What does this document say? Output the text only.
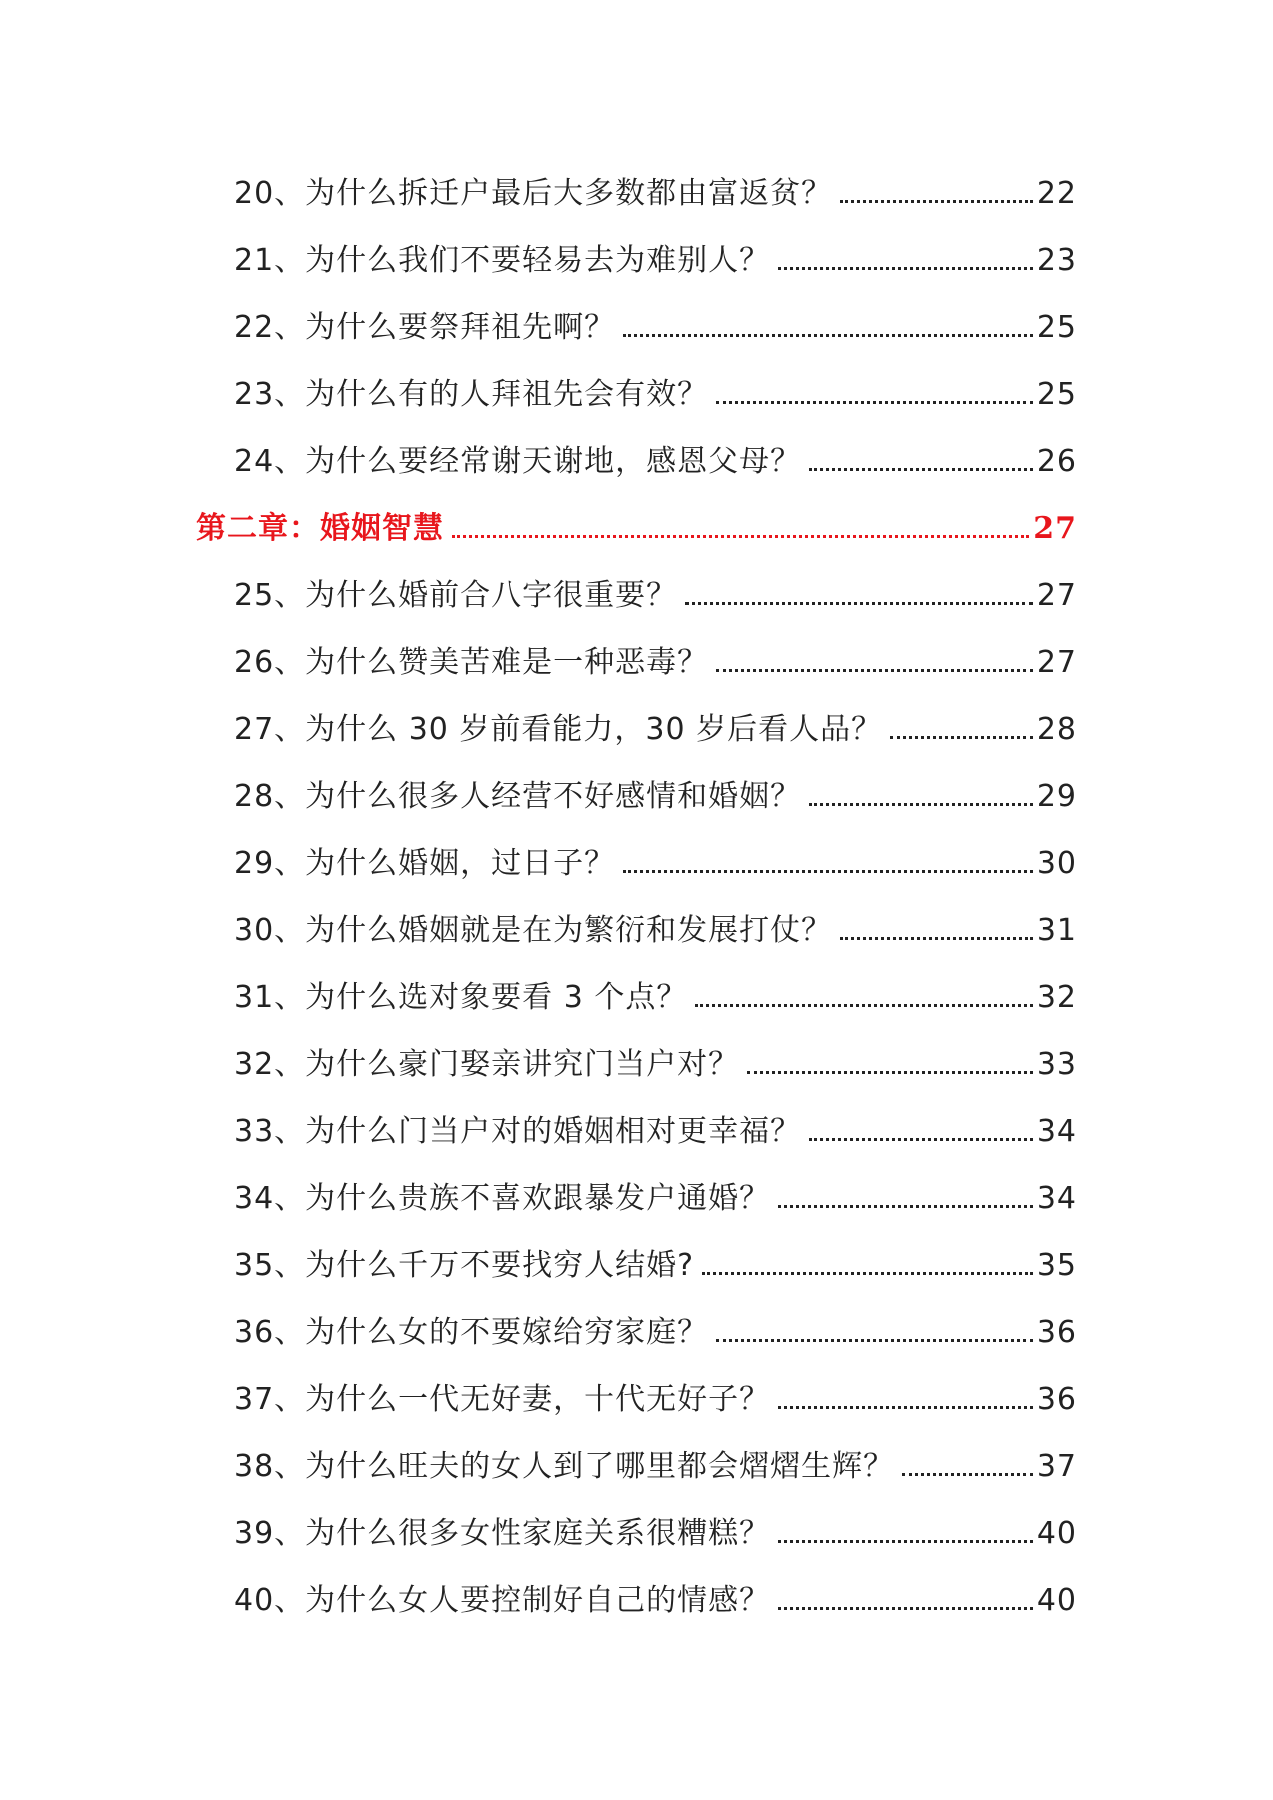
20、为什么拆迁户最后大多数都由富返贫？	22
21、为什么我们不要轻易去为难别人？	23
22、为什么要祭拜祖先啊？	25
23、为什么有的人拜祖先会有效？	25
24、为什么要经常谢天谢地，感恩父母？	26
第二章：婚姻智慧	27
25、为什么婚前合八字很重要？	27
26、为什么赞美苦难是一种恶毒？	27
27、为什么 30 岁前看能力，30 岁后看人品？	28
28、为什么很多人经营不好感情和婚姻？	29
29、为什么婚姻，过日子？	30
30、为什么婚姻就是在为繁衍和发展打仗？	31
31、为什么选对象要看 3 个点？	32
32、为什么豪门娶亲讲究门当户对？	33
33、为什么门当户对的婚姻相对更幸福？	34
34、为什么贵族不喜欢跟暴发户通婚？	34
35、为什么千万不要找穷人结婚?	35
36、为什么女的不要嫁给穷家庭？	36
37、为什么一代无好妻，十代无好子？	36
38、为什么旺夫的女人到了哪里都会熠熠生辉？	37
39、为什么很多女性家庭关系很糟糕？	40
40、为什么女人要控制好自己的情感？	40
